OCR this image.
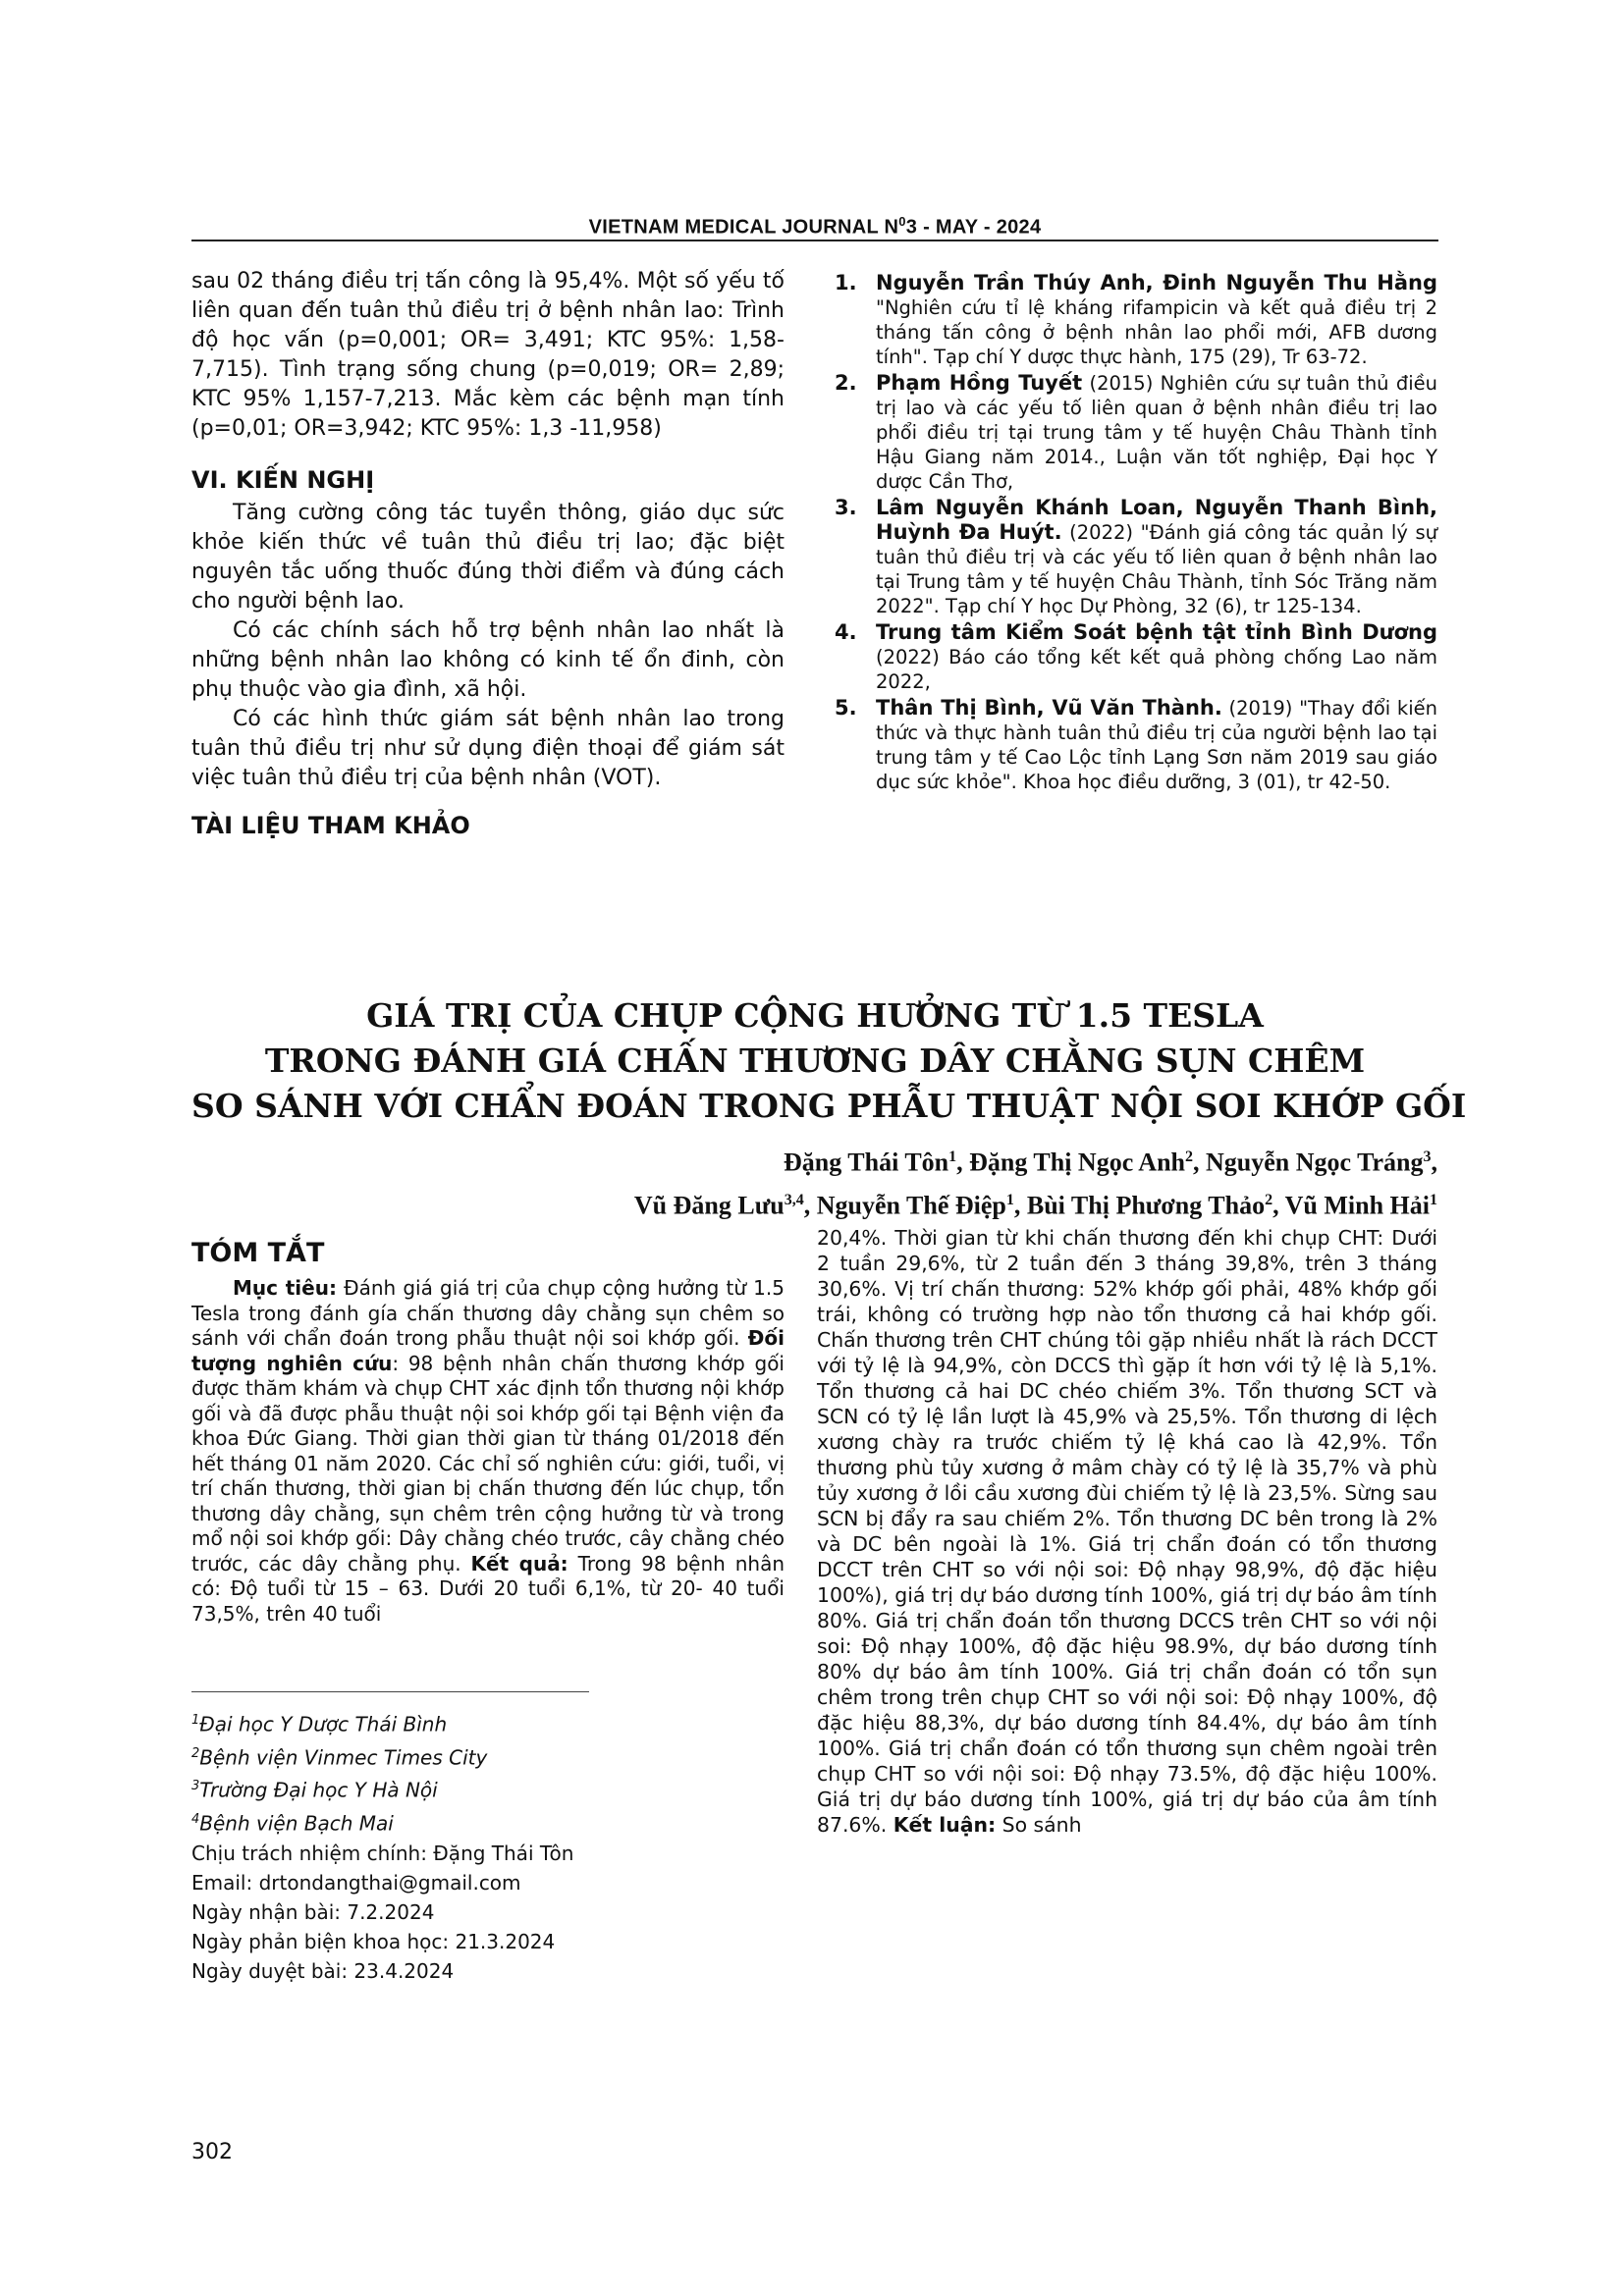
VIETNAM MEDICAL JOURNAL $N^03$ - MAY - 2024

sau 02 tháng điều trị tấn công là 95,4%. Một số yếu tố liên quan đến tuân thủ điều trị ở bệnh nhân lao: Trình độ học vấn (p=0,001; OR= 3,491; KTC 95%: 1,58-7,715). Tình trạng sống chung (p=0,019; OR= 2,89; KTC 95% 1,157-7,213. Mắc kèm các bệnh mạn tính (p=0,01; OR=3,942; KTC 95%: 1,3 -11,958)

VI. KIẾN NGHỊ

Tăng cường công tác tuyền thông, giáo dục sức khỏe kiến thức về tuân thủ điều trị lao; đặc biệt nguyên tắc uống thuốc đúng thời điểm và đúng cách cho người bệnh lao.

Có các chính sách hỗ trợ bệnh nhân lao nhất là những bệnh nhân lao không có kinh tế ổn đinh, còn phụ thuộc vào gia đình, xã hội.

Có các hình thức giám sát bệnh nhân lao trong tuân thủ điều trị như sử dụng điện thoại để giám sát việc tuân thủ điều trị của bệnh nhân (VOT).

TÀI LIỆU THAM KHẢO

1. Nguyễn Trần Thúy Anh, Đinh Nguyễn Thu Hằng "Nghiên cứu tỉ lệ kháng rifampicin và kết quả điều trị 2 tháng tấn công ở bệnh nhân lao phổi mới, AFB dương tính". Tạp chí Y dược thực hành, 175 (29), Tr 63-72.
2. Phạm Hồng Tuyết (2015) Nghiên cứu sự tuân thủ điều trị lao và các yếu tố liên quan ở bệnh nhân điều trị lao phổi điều trị tại trung tâm y tế huyện Châu Thành tỉnh Hậu Giang năm 2014., Luận văn tốt nghiệp, Đại học Y dược Cần Thơ,
3. Lâm Nguyễn Khánh Loan, Nguyễn Thanh Bình, Huỳnh Đa Huýt. (2022) "Đánh giá công tác quản lý sự tuân thủ điều trị và các yếu tố liên quan ở bệnh nhân lao tại Trung tâm y tế huyện Châu Thành, tỉnh Sóc Trăng năm 2022". Tạp chí Y học Dự Phòng, 32 (6), tr 125-134.
4. Trung tâm Kiểm Soát bệnh tật tỉnh Bình Dương (2022) Báo cáo tổng kết kết quả phòng chống Lao năm 2022,
5. Thân Thị Bình, Vũ Văn Thành. (2019) "Thay đổi kiến thức và thực hành tuân thủ điều trị của người bệnh lao tại trung tâm y tế Cao Lộc tỉnh Lạng Sơn năm 2019 sau giáo dục sức khỏe". Khoa học điều dưỡng, 3 (01), tr 42-50.
GIÁ TRỊ CỦA CHỤP CỘNG HƯỞNG TỪ 1.5 TESLA
TRONG ĐÁNH GIÁ CHẤN THƯƠNG DÂY CHẰNG SỤN CHÊM
SO SÁNH VỚI CHẨN ĐOÁN TRONG PHẪU THUẬT NỘI SOI KHỚP GỐI
Đặng Thái Tôn$^1$, Đặng Thị Ngọc Anh$^2$, Nguyễn Ngọc Tráng$^3$,
Vũ Đăng Lưu$^{3,4}$, Nguyễn Thế Điệp$^1$, Bùi Thị Phương Thảo$^2$, Vũ Minh Hải$^1$

TÓM TẮT

Mục tiêu: Đánh giá giá trị của chụp cộng hưởng từ 1.5 Tesla trong đánh gía chấn thương dây chằng sụn chêm so sánh với chẩn đoán trong phẫu thuật nội soi khớp gối. Đối tượng nghiên cứu: 98 bệnh nhân chấn thương khớp gối được thăm khám và chụp CHT xác định tổn thương nội khớp gối và đã được phẫu thuật nội soi khớp gối tại Bệnh viện đa khoa Đức Giang. Thời gian thời gian từ tháng 01/2018 đến hết tháng 01 năm 2020. Các chỉ số nghiên cứu: giới, tuổi, vị trí chấn thương, thời gian bị chấn thương đến lúc chụp, tổn thương dây chằng, sụn chêm trên cộng hưởng từ và trong mổ nội soi khớp gối: Dây chằng chéo trước, cây chằng chéo trước, các dây chằng phụ. Kết quả: Trong 98 bệnh nhân có: Độ tuổi từ 15 – 63. Dưới 20 tuổi 6,1%, từ 20- 40 tuổi 73,5%, trên 40 tuổi

20,4%. Thời gian từ khi chấn thương đến khi chụp CHT: Dưới 2 tuần 29,6%, từ 2 tuần đến 3 tháng 39,8%, trên 3 tháng 30,6%. Vị trí chấn thương: 52% khớp gối phải, 48% khớp gối trái, không có trường hợp nào tổn thương cả hai khớp gối. Chấn thương trên CHT chúng tôi gặp nhiều nhất là rách DCCT với tỷ lệ là 94,9%, còn DCCS thì gặp ít hơn với tỷ lệ là 5,1%. Tổn thương cả hai DC chéo chiếm 3%. Tổn thương SCT và SCN có tỷ lệ lần lượt là 45,9% và 25,5%. Tổn thương di lệch xương chày ra trước chiếm tỷ lệ khá cao là 42,9%. Tổn thương phù tủy xương ở mâm chày có tỷ lệ là 35,7% và phù tủy xương ở lồi cầu xương đùi chiếm tỷ lệ là 23,5%. Sừng sau SCN bị đẩy ra sau chiếm 2%. Tổn thương DC bên trong là 2% và DC bên ngoài là 1%. Giá trị chẩn đoán có tổn thương DCCT trên CHT so với nội soi: Độ nhạy 98,9%, độ đặc hiệu 100%), giá trị dự báo dương tính 100%, giá trị dự báo âm tính 80%. Giá trị chẩn đoán tổn thương DCCS trên CHT so với nội soi: Độ nhạy 100%, độ đặc hiệu 98.9%, dự báo dương tính 80% dự báo âm tính 100%. Giá trị chẩn đoán có tổn sụn chêm trong trên chụp CHT so với nội soi: Độ nhạy 100%, độ đặc hiệu 88,3%, dự báo dương tính 84.4%, dự báo âm tính 100%. Giá trị chẩn đoán có tổn thương sụn chêm ngoài trên chụp CHT so với nội soi: Độ nhạy 73.5%, độ đặc hiệu 100%. Giá trị dự báo dương tính 100%, giá trị dự báo của âm tính 87.6%. Kết luận: So sánh

$^1$Đại học Y Dược Thái Bình
$^2$Bệnh viện Vinmec Times City
$^3$Trường Đại học Y Hà Nội
$^4$Bệnh viện Bạch Mai
Chịu trách nhiệm chính: Đặng Thái Tôn
Email: drtondangthai@gmail.com
Ngày nhận bài: 7.2.2024
Ngày phản biện khoa học: 21.3.2024
Ngày duyệt bài: 23.4.2024
302
